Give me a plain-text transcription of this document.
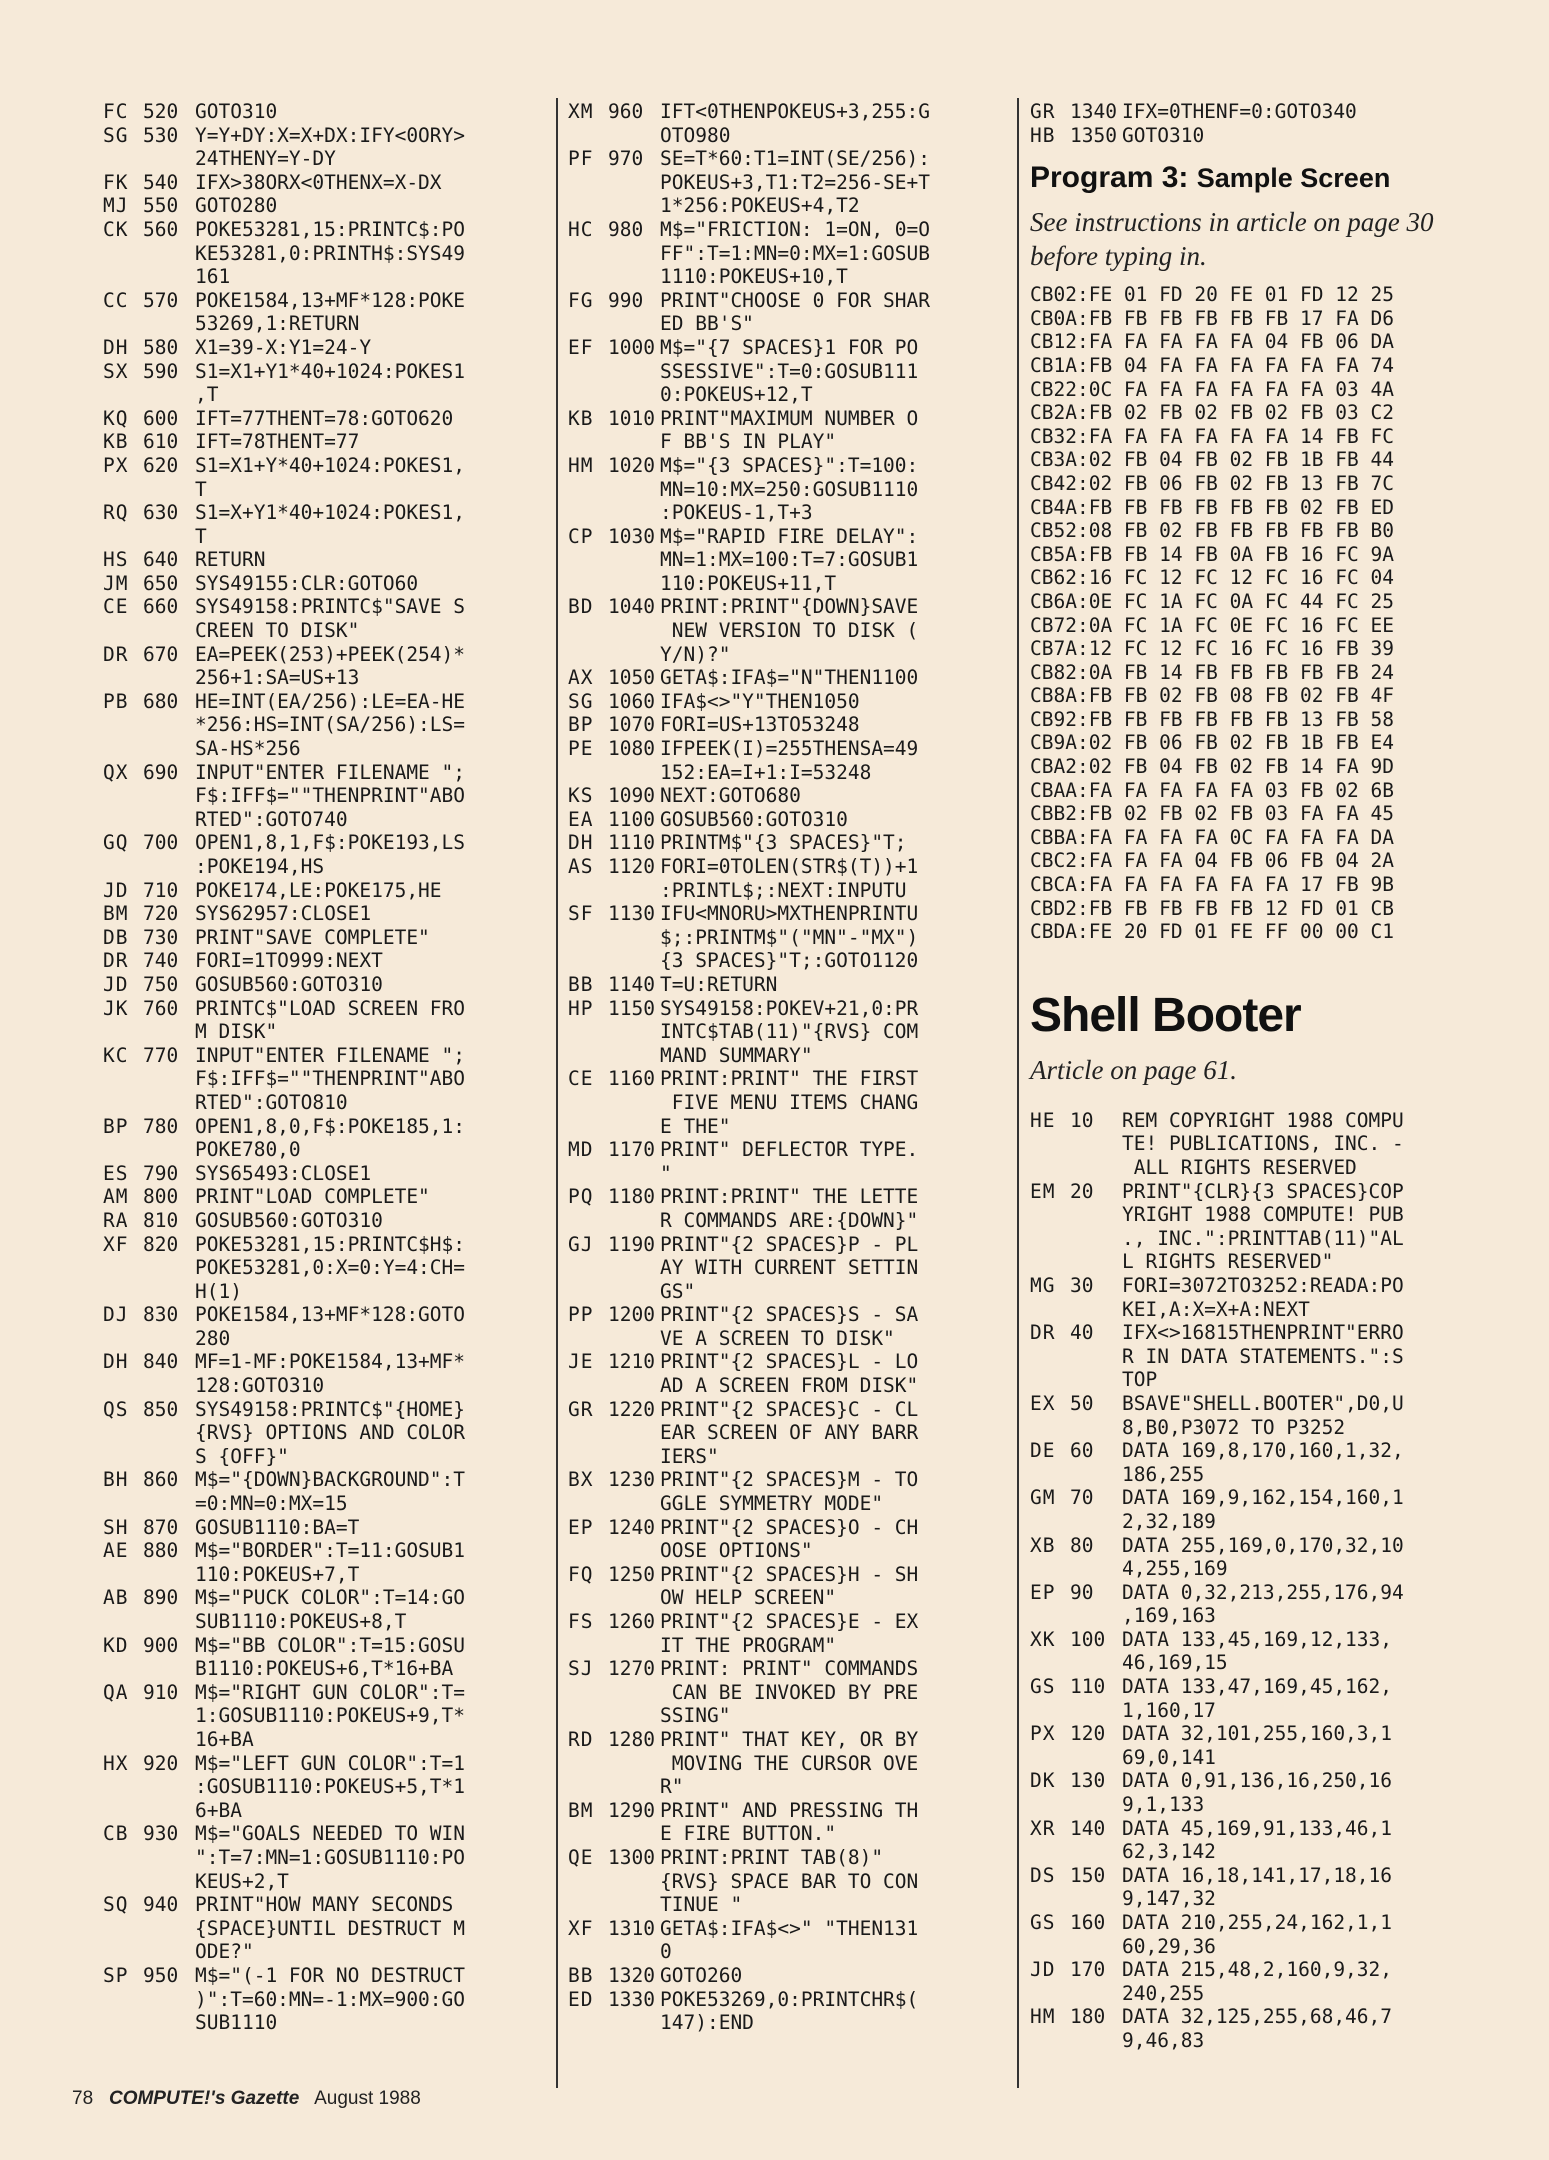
FC 520 GOTO310
SG 530 Y=Y+DY:X=X+DX:IFY<0ORY>
24THENY=Y-DY
FK 540 IFX>38ORX<0THENX=X-DX
MJ 550 GOTO280
CK 560 POKE53281,15:PRINTC$:PO
KE53281,0:PRINTH$:SYS49
161
CC 570 POKE1584,13+MF*128:POKE
53269,1:RETURN
DH 580 X1=39-X:Y1=24-Y
SX 590 S1=X1+Y1*40+1024:POKES1
,T
KQ 600 IFT=77THENT=78:GOTO620
KB 610 IFT=78THENT=77
PX 620 S1=X1+Y*40+1024:POKES1,
T
RQ 630 S1=X+Y1*40+1024:POKES1,
T
HS 640 RETURN
JM 650 SYS49155:CLR:GOTO60
CE 660 SYS49158:PRINTC$"SAVE S
CREEN TO DISK"
DR 670 EA=PEEK(253)+PEEK(254)*
256+1:SA=US+13
PB 680 HE=INT(EA/256):LE=EA-HE
*256:HS=INT(SA/256):LS=
SA-HS*256
QX 690 INPUT"ENTER FILENAME ";
F$:IFF$=""THENPRINT"ABO
RTED":GOTO740
GQ 700 OPEN1,8,1,F$:POKE193,LS
:POKE194,HS
JD 710 POKE174,LE:POKE175,HE
BM 720 SYS62957:CLOSE1
DB 730 PRINT"SAVE COMPLETE"
DR 740 FORI=1TO999:NEXT
JD 750 GOSUB560:GOTO310
JK 760 PRINTC$"LOAD SCREEN FRO
M DISK"
KC 770 INPUT"ENTER FILENAME ";
F$:IFF$=""THENPRINT"ABO
RTED":GOTO810
BP 780 OPEN1,8,0,F$:POKE185,1:
POKE780,0
ES 790 SYS65493:CLOSE1
AM 800 PRINT"LOAD COMPLETE"
RA 810 GOSUB560:GOTO310
XF 820 POKE53281,15:PRINTC$H$:
POKE53281,0:X=0:Y=4:CH=
H(1)
DJ 830 POKE1584,13+MF*128:GOTO
280
DH 840 MF=1-MF:POKE1584,13+MF*
128:GOTO310
QS 850 SYS49158:PRINTC$"{HOME}
{RVS} OPTIONS AND COLOR
S {OFF}"
BH 860 M$="{DOWN}BACKGROUND":T
=0:MN=0:MX=15
SH 870 GOSUB1110:BA=T
AE 880 M$="BORDER":T=11:GOSUB1
110:POKEUS+7,T
AB 890 M$="PUCK COLOR":T=14:GO
SUB1110:POKEUS+8,T
KD 900 M$="BB COLOR":T=15:GOSU
B1110:POKEUS+6,T*16+BA
QA 910 M$="RIGHT GUN COLOR":T=
1:GOSUB1110:POKEUS+9,T*
16+BA
HX 920 M$="LEFT GUN COLOR":T=1
:GOSUB1110:POKEUS+5,T*1
6+BA
CB 930 M$="GOALS NEEDED TO WIN
":T=7:MN=1:GOSUB1110:PO
KEUS+2,T
SQ 940 PRINT"HOW MANY SECONDS
{SPACE}UNTIL DESTRUCT M
ODE?"
SP 950 M$="(-1 FOR NO DESTRUCT
)":T=60:MN=-1:MX=900:GO
SUB1110
XM 960 IFT<0THENPOKEUS+3,255:G
OTO980
PF 970 SE=T*60:T1=INT(SE/256):
POKEUS+3,T1:T2=256-SE+T
1*256:POKEUS+4,T2
HC 980 M$="FRICTION: 1=ON, 0=O
FF":T=1:MN=0:MX=1:GOSUB
1110:POKEUS+10,T
FG 990 PRINT"CHOOSE 0 FOR SHAR
ED BB'S"
EF 1000 M$="{7 SPACES}1 FOR PO
SSESSIVE":T=0:GOSUB111
0:POKEUS+12,T
KB 1010 PRINT"MAXIMUM NUMBER O
F BB'S IN PLAY"
HM 1020 M$="{3 SPACES}":T=100:
MN=10:MX=250:GOSUB1110
:POKEUS-1,T+3
CP 1030 M$="RAPID FIRE DELAY":
MN=1:MX=100:T=7:GOSUB1
110:POKEUS+11,T
BD 1040 PRINT:PRINT"{DOWN}SAVE
NEW VERSION TO DISK (
Y/N)?"
AX 1050 GETA$:IFA$="N"THEN1100
SG 1060 IFA$<>"Y"THEN1050
BP 1070 FORI=US+13TO53248
PE 1080 IFPEEK(I)=255THENSA=49
152:EA=I+1:I=53248
KS 1090 NEXT:GOTO680
EA 1100 GOSUB560:GOTO310
DH 1110 PRINTM$"{3 SPACES}"T;
AS 1120 FORI=0TOLEN(STR$(T))+1
:PRINTL$;:NEXT:INPUTU
SF 1130 IFU<MNORU>MXTHENPRINTU
$;:PRINTM$"("MN"-"MX")
{3 SPACES}"T;:GOTO1120
BB 1140 T=U:RETURN
HP 1150 SYS49158:POKEV+21,0:PR
INTC$TAB(11)"{RVS} COM
MAND SUMMARY"
CE 1160 PRINT:PRINT" THE FIRST
FIVE MENU ITEMS CHANG
E THE"
MD 1170 PRINT" DEFLECTOR TYPE.
"
PQ 1180 PRINT:PRINT" THE LETTE
R COMMANDS ARE:{DOWN}"
GJ 1190 PRINT"{2 SPACES}P - PL
AY WITH CURRENT SETTIN
GS"
PP 1200 PRINT"{2 SPACES}S - SA
VE A SCREEN TO DISK"
JE 1210 PRINT"{2 SPACES}L - LO
AD A SCREEN FROM DISK"
GR 1220 PRINT"{2 SPACES}C - CL
EAR SCREEN OF ANY BARR
IERS"
BX 1230 PRINT"{2 SPACES}M - TO
GGLE SYMMETRY MODE"
EP 1240 PRINT"{2 SPACES}O - CH
OOSE OPTIONS"
FQ 1250 PRINT"{2 SPACES}H - SH
OW HELP SCREEN"
FS 1260 PRINT"{2 SPACES}E - EX
IT THE PROGRAM"
SJ 1270 PRINT: PRINT" COMMANDS
CAN BE INVOKED BY PRE
SSING"
RD 1280 PRINT" THAT KEY, OR BY
MOVING THE CURSOR OVE
R"
BM 1290 PRINT" AND PRESSING TH
E FIRE BUTTON."
QE 1300 PRINT:PRINT TAB(8)"
{RVS} SPACE BAR TO CON
TINUE "
XF 1310 GETA$:IFA$<>" "THEN131
0
BB 1320 GOTO260
ED 1330 POKE53269,0:PRINTCHR$(
147):END
GR 1340 IFX=0THENF=0:GOTO340
HB 1350 GOTO310
Program 3: Sample Screen
See instructions in article on page 30 before typing in.
CB02:FE 01 FD 20 FE 01 FD 12 25
CB0A:FB FB FB FB FB FB 17 FA D6
CB12:FA FA FA FA FA 04 FB 06 DA
CB1A:FB 04 FA FA FA FA FA FA 74
CB22:0C FA FA FA FA FA FA 03 4A
CB2A:FB 02 FB 02 FB 02 FB 03 C2
CB32:FA FA FA FA FA FA 14 FB FC
CB3A:02 FB 04 FB 02 FB 1B FB 44
CB42:02 FB 06 FB 02 FB 13 FB 7C
CB4A:FB FB FB FB FB FB 02 FB ED
CB52:08 FB 02 FB FB FB FB FB B0
CB5A:FB FB 14 FB 0A FB 16 FC 9A
CB62:16 FC 12 FC 12 FC 16 FC 04
CB6A:0E FC 1A FC 0A FC 44 FC 25
CB72:0A FC 1A FC 0E FC 16 FC EE
CB7A:12 FC 12 FC 16 FC 16 FB 39
CB82:0A FB 14 FB FB FB FB FB 24
CB8A:FB FB 02 FB 08 FB 02 FB 4F
CB92:FB FB FB FB FB FB 13 FB 58
CB9A:02 FB 06 FB 02 FB 1B FB E4
CBA2:02 FB 04 FB 02 FB 14 FA 9D
CBAA:FA FA FA FA FA 03 FB 02 6B
CBB2:FB 02 FB 02 FB 03 FA FA 45
CBBA:FA FA FA FA 0C FA FA FA DA
CBC2:FA FA FA 04 FB 06 FB 04 2A
CBCA:FA FA FA FA FA FA 17 FB 9B
CBD2:FB FB FB FB FB 12 FD 01 CB
CBDA:FE 20 FD 01 FE FF 00 00 C1
Shell Booter
Article on page 61.
HE 10	REM COPYRIGHT 1988 COMPU
TE! PUBLICATIONS, INC. -
ALL RIGHTS RESERVED
EM 20	PRINT"{CLR}{3 SPACES}COP
YRIGHT 1988 COMPUTE! PUB
., INC.":PRINTTAB(11)"AL
L RIGHTS RESERVED"
MG 30	FORI=3072TO3252:READA:PO
KEI,A:X=X+A:NEXT
DR 40	IFX<>16815THENPRINT"ERRO
R IN DATA STATEMENTS.":S
TOP
EX 50	BSAVE"SHELL.BOOTER",D0,U
8,B0,P3072 TO P3252
DE 60	DATA 169,8,170,160,1,32,
186,255
GM 70	DATA 169,9,162,154,160,1
2,32,189
XB 80	DATA 255,169,0,170,32,10
4,255,169
EP 90	DATA 0,32,213,255,176,94
,169,163
XK 100 DATA 133,45,169,12,133,
46,169,15
GS 110 DATA 133,47,169,45,162,
1,160,17
PX 120 DATA 32,101,255,160,3,1
69,0,141
DK 130 DATA 0,91,136,16,250,16
9,1,133
XR 140 DATA 45,169,91,133,46,1
62,3,142
DS 150 DATA 16,18,141,17,18,16
9,147,32
GS 160 DATA 210,255,24,162,1,1
60,29,36
JD 170 DATA 215,48,2,160,9,32,
240,255
HM 180 DATA 32,125,255,68,46,7
9,46,83
78 COMPUTE!'s Gazette August 1988
